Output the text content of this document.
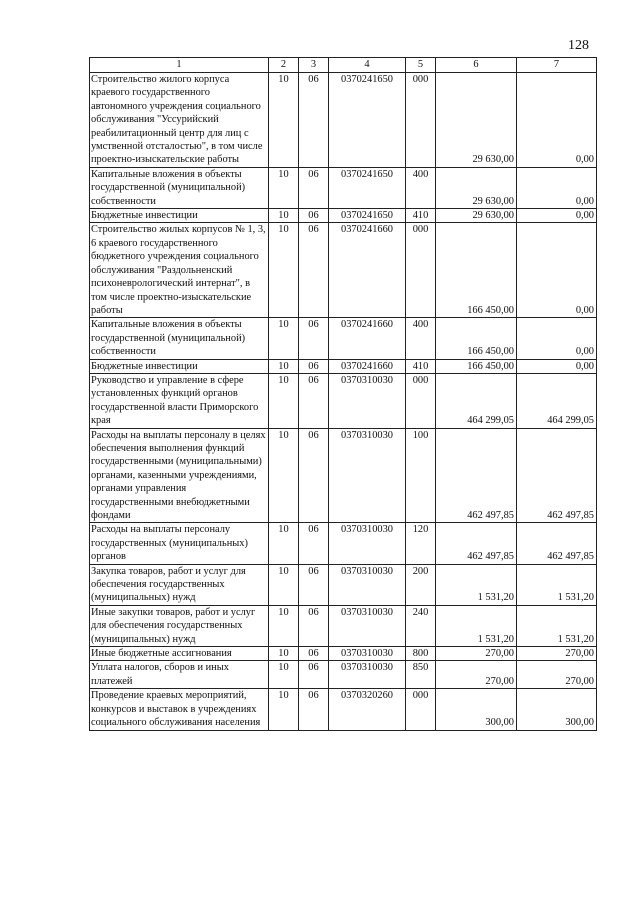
128
1	2	3	4	5	6	7
Строительство жилого корпуса краевого государственного автономного учреждения социального обслуживания "Уссурийский реабилитационный центр для лиц с умственной отсталостью", в том числе проектно-изыскательские работы	10	06	0370241650	000	29 630,00	0,00
Капитальные вложения в объекты государственной (муниципальной) собственности	10	06	0370241650	400	29 630,00	0,00
Бюджетные инвестиции	10	06	0370241650	410	29 630,00	0,00
Строительство жилых корпусов № 1, 3, 6 краевого государственного бюджетного учреждения социального обслуживания "Раздольненский психоневрологический интернат", в том числе проектно-изыскательские работы	10	06	0370241660	000	166 450,00	0,00
Капитальные вложения в объекты государственной (муниципальной) собственности	10	06	0370241660	400	166 450,00	0,00
Бюджетные инвестиции	10	06	0370241660	410	166 450,00	0,00
Руководство и управление в сфере установленных функций органов государственной власти Приморского края	10	06	0370310030	000	464 299,05	464 299,05
Расходы на выплаты персоналу в целях обеспечения выполнения функций государственными (муниципальными) органами, казенными учреждениями, органами управления государственными внебюджетными фондами	10	06	0370310030	100	462 497,85	462 497,85
Расходы на выплаты персоналу государственных (муниципальных) органов	10	06	0370310030	120	462 497,85	462 497,85
Закупка товаров, работ и услуг для обеспечения государственных (муниципальных) нужд	10	06	0370310030	200	1 531,20	1 531,20
Иные закупки товаров, работ и услуг для обеспечения государственных (муниципальных) нужд	10	06	0370310030	240	1 531,20	1 531,20
Иные бюджетные ассигнования	10	06	0370310030	800	270,00	270,00
Уплата налогов, сборов и иных платежей	10	06	0370310030	850	270,00	270,00
Проведение краевых мероприятий, конкурсов и выставок в учреждениях социального обслуживания населения	10	06	0370320260	000	300,00	300,00
